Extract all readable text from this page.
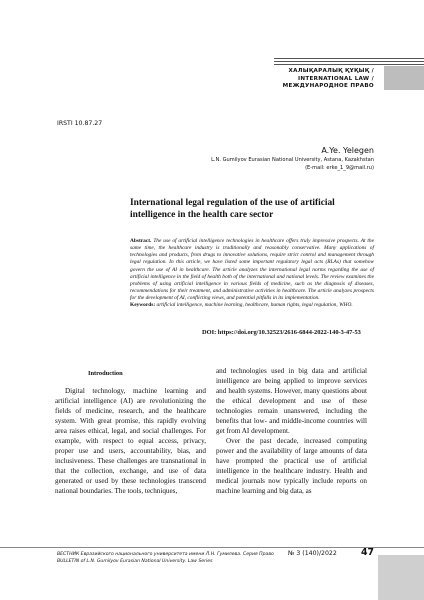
ХАЛЫҚАРАЛЫҚ ҚҰҚЫҚ /
INTERNATIONAL LAW /
МЕЖДУНАРОДНОЕ ПРАВО
IRSTI 10.87.27
A.Ye. Yelegen
L.N. Gumilyov Eurasian National University, Astana, Kazakhstan
(E-mail: erke_1_9@mail.ru)
International legal regulation of the use of artificial intelligence in the health care sector
Abstract. The use of artificial intelligence technologies in healthcare offers truly impressive prospects. At the same time, the healthcare industry is traditionally and reasonably conservative. Many applications of technologies and products, from drugs to innovative solutions, require strict control and management through legal regulation. In this article, we have listed some important regulatory legal acts (RLAs) that somehow govern the use of AI in healthcare. The article analyzes the international legal norms regarding the use of artificial intelligence in the field of health both of the international and national levels. The review examines the problems of using artificial intelligence in various fields of medicine, such as the diagnosis of diseases, recommendations for their treatment, and administrative activities in healthcare. The article analyzes prospects for the development of AI, conflicting views, and potential pitfalls in its implementation.
Keywords: artificial intelligence, machine learning, healthcare, human rights, legal regulation, WHO.
DOI: https://doi.org/10.32523/2616-6844-2022-140-3-47-53
Introduction

Digital technology, machine learning and artificial intelligence (AI) are revolutionizing the fields of medicine, research, and the healthcare system. With great promise, this rapidly evolving area raises ethical, legal, and social challenges. For example, with respect to equal access, privacy, proper use and users, accountability, bias, and inclusiveness. These challenges are transnational in that the collection, exchange, and use of data generated or used by these technologies transcend national boundaries. The tools, techniques,

and technologies used in big data and artificial intelligence are being applied to improve services and health systems. However, many questions about the ethical development and use of these technologies remain unanswered, including the benefits that low- and middle-income countries will get from AI development.

Over the past decade, increased computing power and the availability of large amounts of data have prompted the practical use of artificial intelligence in the healthcare industry. Health and medical journals now typically include reports on machine learning and big data, as

ВЕСТНИК Евразийского национального университета имени Л.Н. Гумилева. Серия Право
BULLETIN of L.N. Gumilyov Eurasian National University. Law Series
№ 3 (140)/2022	47
